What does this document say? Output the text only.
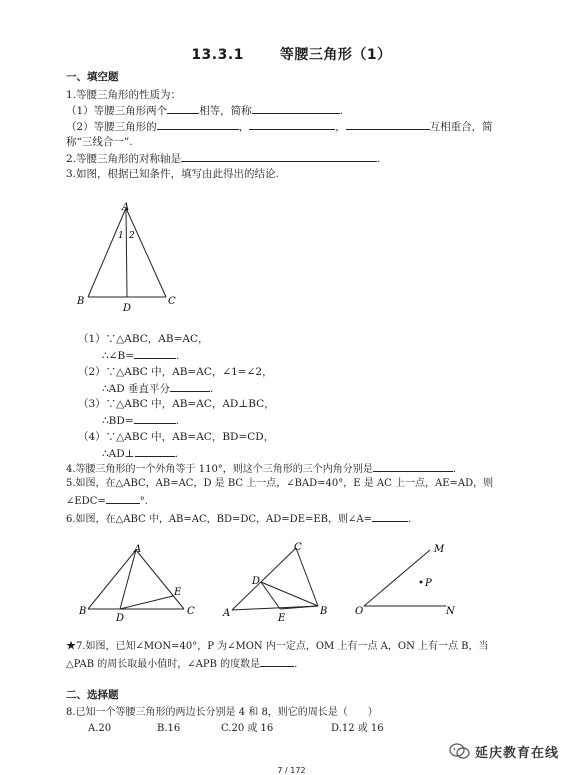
13.3.1	等腰三角形（1）
一、填空题
1.等腰三角形的性质为：
（1）等腰三角形两个	相等，简称	.
（2）等腰三角形的	，	，	互相重合，简
称“三线合一”.
2.等腰三角形的对称轴是	.
3.如图，根据已知条件，填写由此得出的结论.
A
1 2
B	C
D
（1）∵△ABC，AB=AC，
∴∠B=	.
（2）∵△ABC 中，AB=AC，∠1=∠2，
∴AD 垂直平分	.
（3）∵△ABC 中，AB=AC，AD⊥BC，
∴BD=	.
（4）∵△ABC 中，AB=AC，BD=CD，
∴AD⊥	.
4.等腰三角形的一个外角等于 110°，则这个三角形的三个内角分别是	.
5.如图，在△ABC，AB=AC，D 是 BC 上一点，∠BAD=40°，E 是 AC 上一点，AE=AD，则
∠EDC=	°.
6.如图，在△ABC 中，AB=AC，BD=DC，AD=DE=EB，则∠A=	.
A
B	C
D
E
C
D
A	E
B
M
P
O	N
★7.如图，已知∠MON=40°，P 为∠MON 内一定点，OM 上有一点 A，ON 上有一点 B，当
△PAB 的周长取最小值时，∠APB 的度数是	.
二、选择题
8.已知一个等腰三角形的两边长分别是 4 和 8，则它的周长是（　　）
A.20	B.16	C.20 或 16	D.12 或 16
延庆教育在线
7 / 172
